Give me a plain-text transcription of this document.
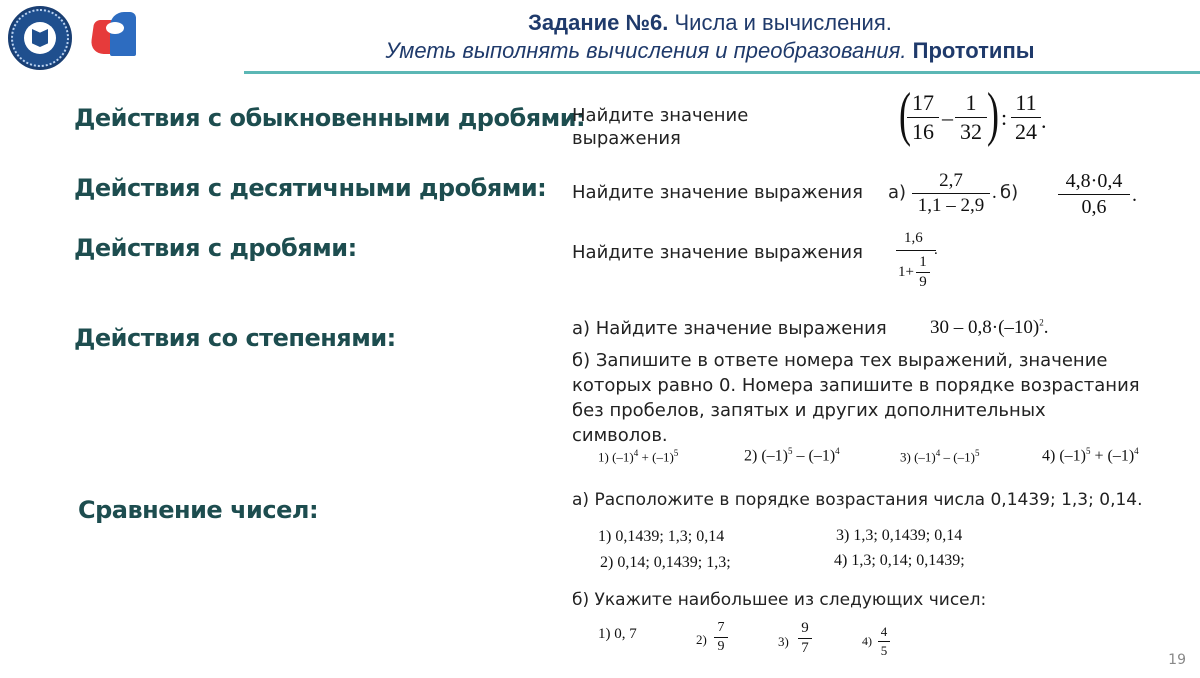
Задание №6. Числа и вычисления.
Уметь выполнять вычисления и преобразования. Прототипы
Действия с обыкновенными дробями:
Найдите значение
выражения	( 17
16
–
1
32 ) :
11
24 .
Действия с десятичными дробями: Найдите значение выражения а)
2,7
1,1 – 2,9
. б)
4,8·0,4
0,6
.
Действия с дробями:	Найдите значение выражения
1,6
1+
1
9
.
Действия со степенями:	а) Найдите значение выражения $30 - 0,8\cdot(-10)^2$.
б) Запишите в ответе номера тех выражений, значение
которых равно 0. Номера запишите в порядке возрастания
без пробелов, запятых и других дополнительных
символов.
1) $(-1)^4 + (-1)^5$	2) $(-1)^5 - (-1)^4$	3) $(-1)^4 - (-1)^5$	4) $(-1)^5 + (-1)^4$
Сравнение чисел:	а) Расположите в порядке возрастания числа 0,1439; 1,3; 0,14.
1) 0,1439; 1,3; 0,14
2) 0,14; 0,1439; 1,3;
3) 1,3; 0,1439; 0,14
4) 1,3; 0,14; 0,1439;
б) Укажите наибольшее из следующих чисел:
1) 0, 7	2)
7
9	3)
9
7	4)
4
5
19
